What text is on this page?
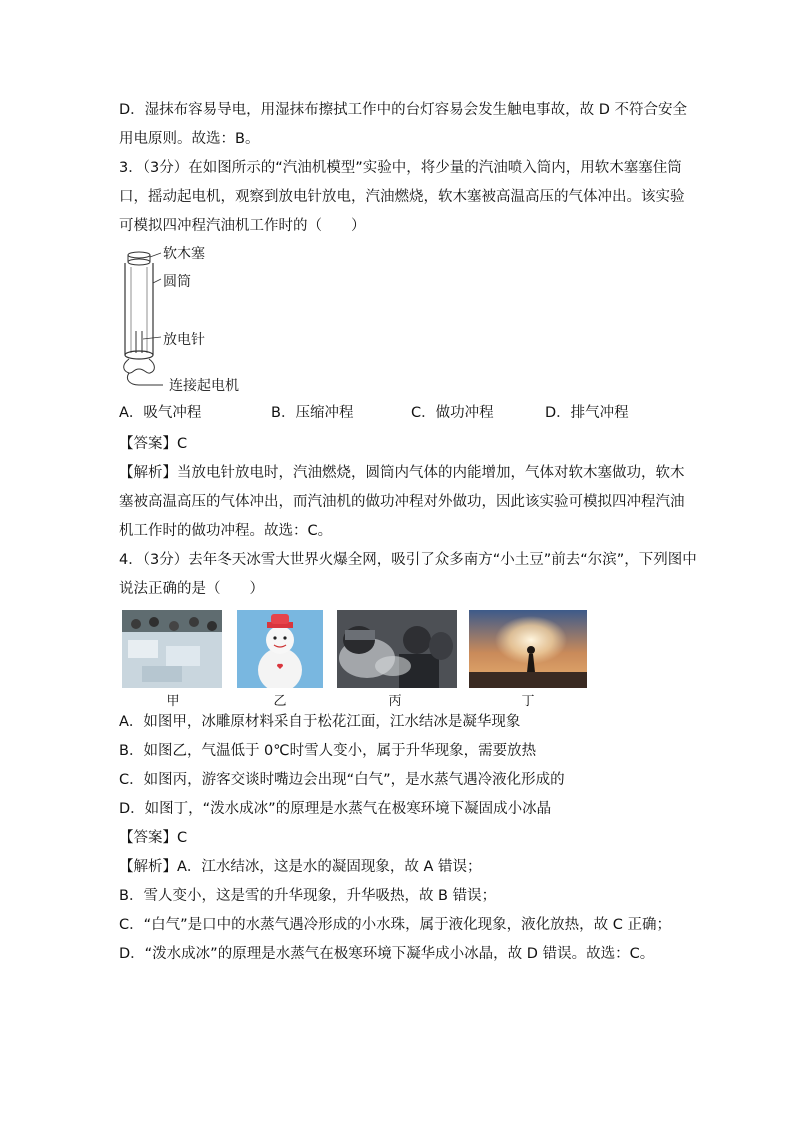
D．湿抹布容易导电，用湿抹布擦拭工作中的台灯容易会发生触电事故，故 D 不符合安全
用电原则。故选：B。
3．（3分）在如图所示的“汽油机模型”实验中，将少量的汽油喷入筒内，用软木塞塞住筒
口，摇动起电机，观察到放电针放电，汽油燃烧，软木塞被高温高压的气体冲出。该实验
可模拟四冲程汽油机工作时的（　　）
软木塞
圆筒
放电针
连接起电机
A．吸气冲程	B．压缩冲程	C．做功冲程	D．排气冲程
【答案】C
【解析】当放电针放电时，汽油燃烧，圆筒内气体的内能增加，气体对软木塞做功，软木
塞被高温高压的气体冲出，而汽油机的做功冲程对外做功，因此该实验可模拟四冲程汽油
机工作时的做功冲程。故选：C。
4．（3分）去年冬天冰雪大世界火爆全网，吸引了众多南方“小土豆”前去“尔滨”，下列图中
说法正确的是（　　）
甲	乙	丙	丁
A．如图甲，冰雕原材料采自于松花江面，江水结冰是凝华现象
B．如图乙，气温低于 0℃时雪人变小，属于升华现象，需要放热
C．如图丙，游客交谈时嘴边会出现“白气”，是水蒸气遇冷液化形成的
D．如图丁，“泼水成冰”的原理是水蒸气在极寒环境下凝固成小冰晶
【答案】C
【解析】A．江水结冰，这是水的凝固现象，故 A 错误；
B．雪人变小，这是雪的升华现象，升华吸热，故 B 错误；
C．“白气”是口中的水蒸气遇冷形成的小水珠，属于液化现象，液化放热，故 C 正确；
D．“泼水成冰”的原理是水蒸气在极寒环境下凝华成小冰晶，故 D 错误。故选：C。
